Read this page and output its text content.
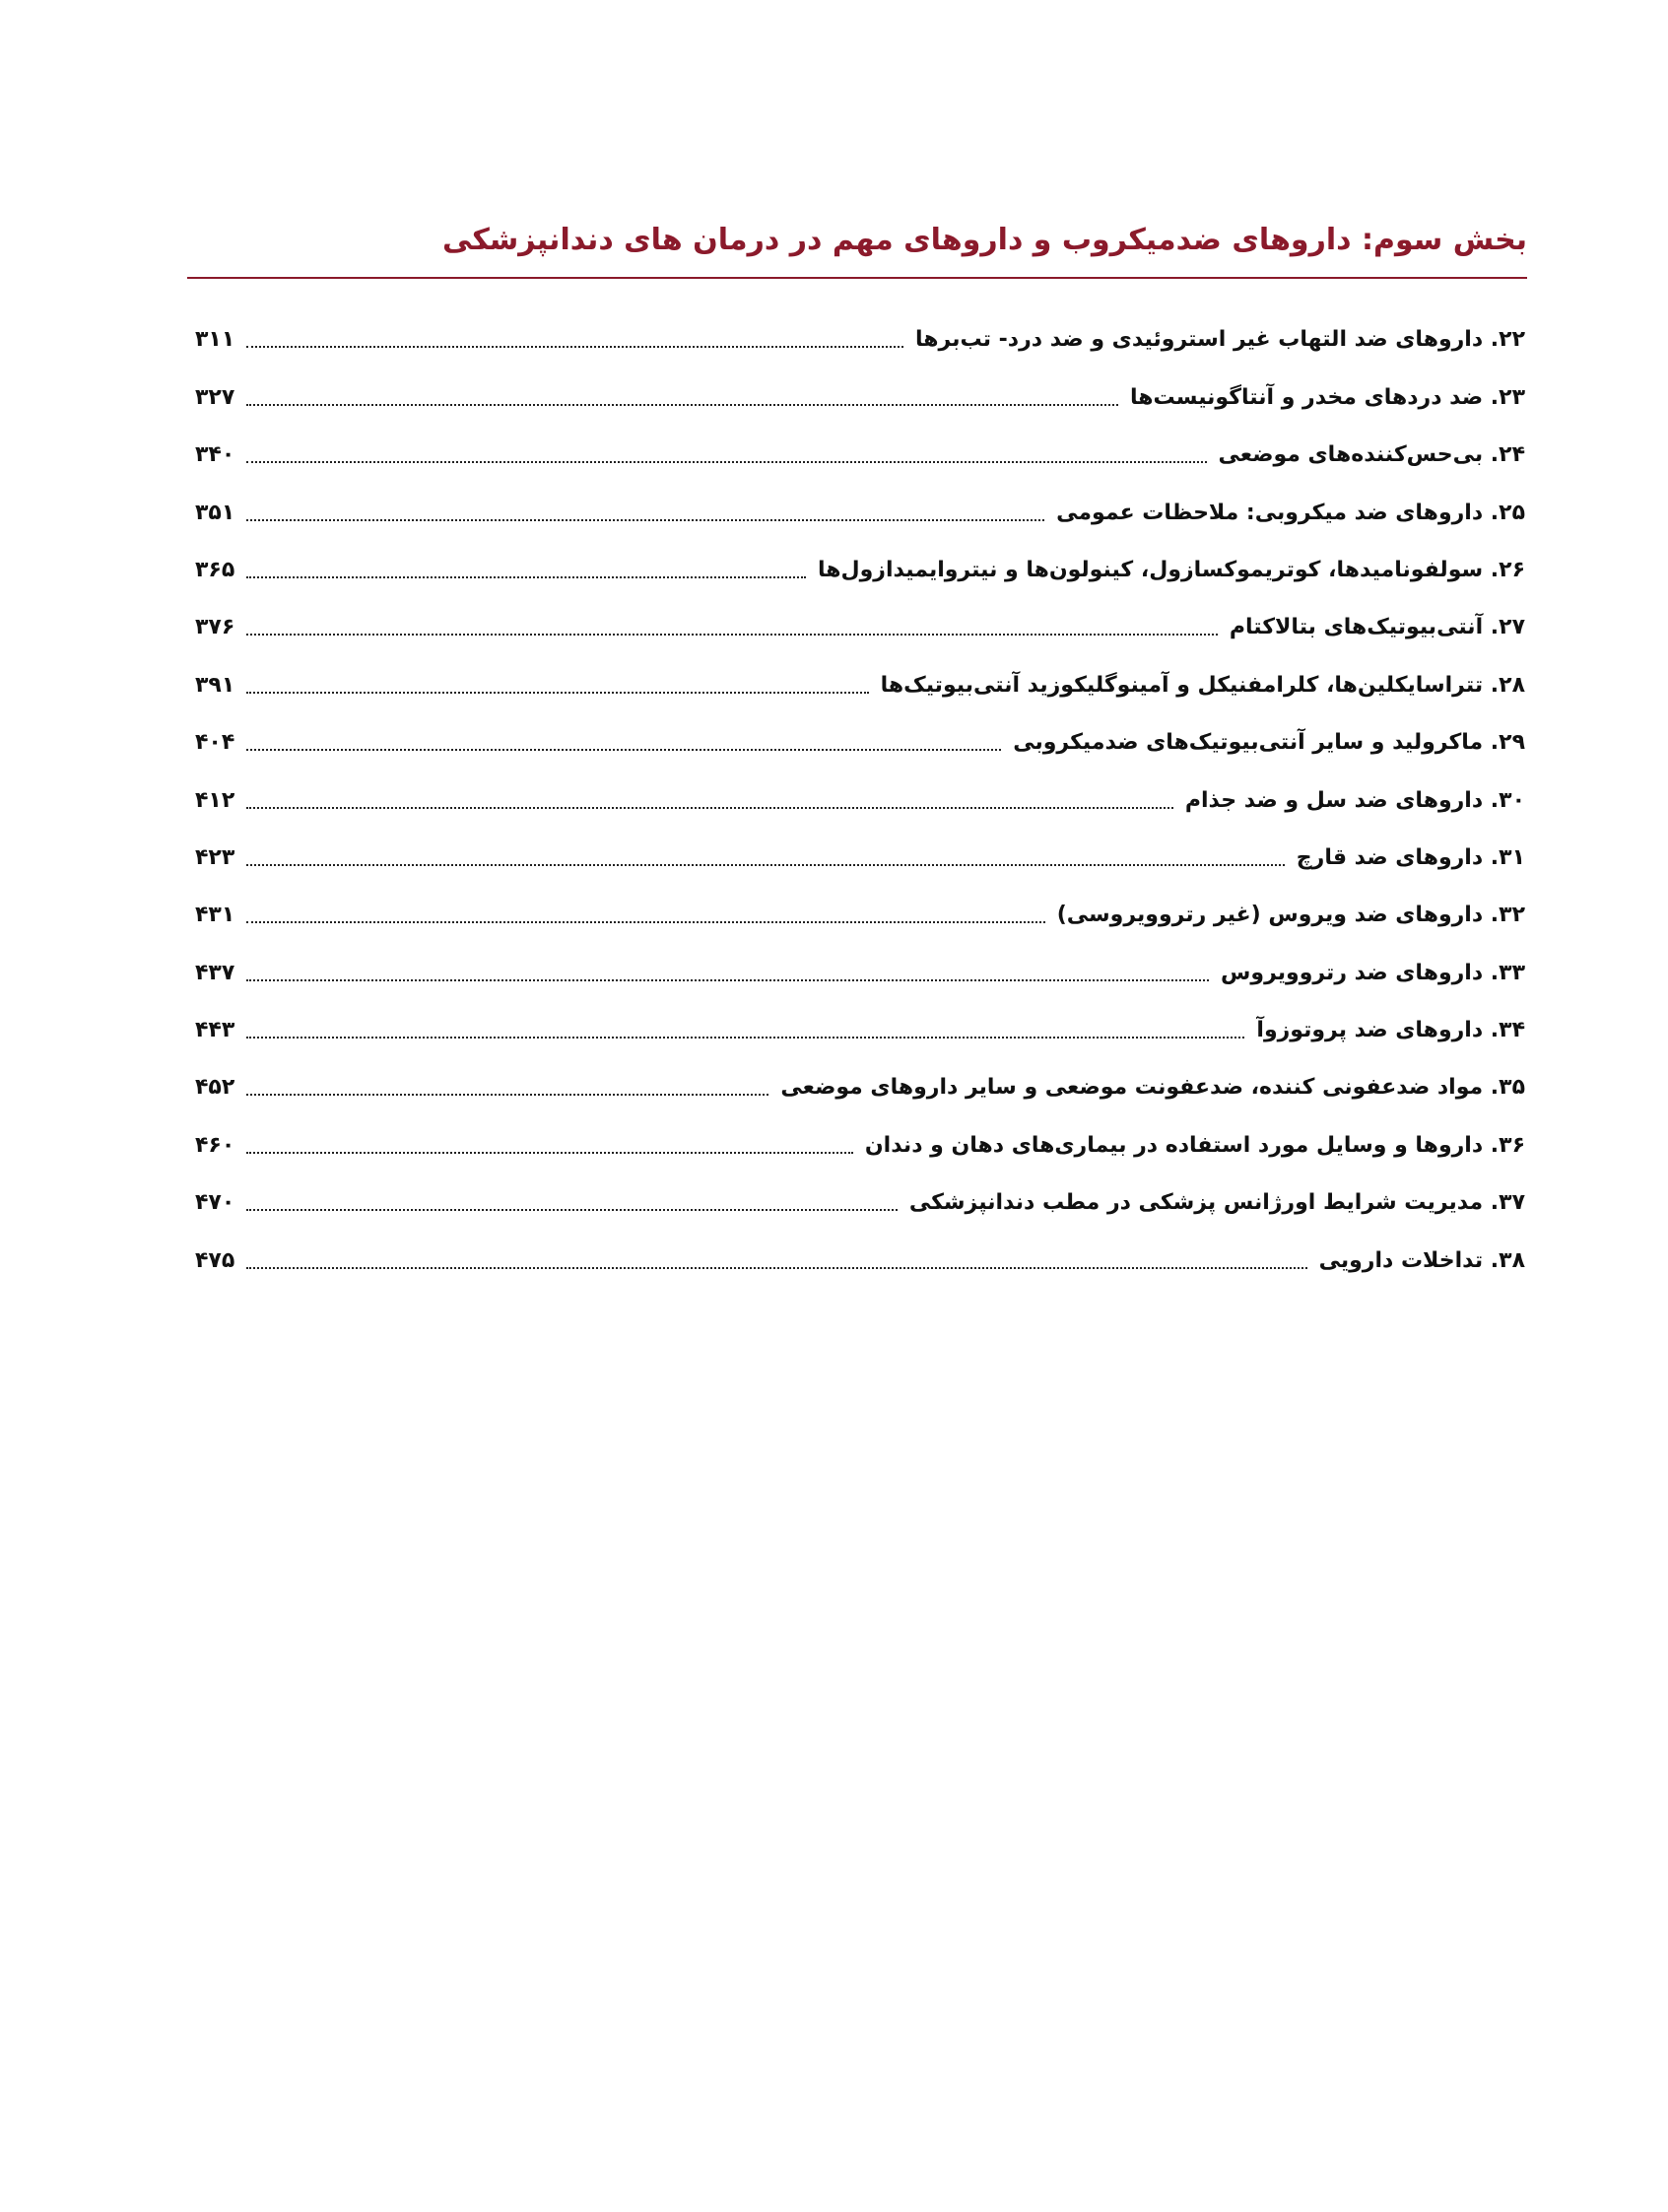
بخش سوم: داروهای ضدمیکروب و داروهای مهم در درمان های دندانپزشکی
۲۲. داروهای ضد التهاب غیر استروئیدی و ضد درد- تب‌برها
۳۱۱
۲۳. ضد دردهای مخدر و آنتاگونیست‌ها
۳۲۷
۲۴. بی‌حس‌کننده‌های موضعی
۳۴۰
۲۵. داروهای ضد میکروبی: ملاحظات عمومی
۳۵۱
۲۶. سولفونامیدها، کوتریموکسازول، کینولون‌ها و نیتروایمیدازول‌ها
۳۶۵
۲۷. آنتی‌بیوتیک‌های بتالاکتام
۳۷۶
۲۸. تتراسایکلین‌ها، کلرامفنیکل و آمینوگلیکوزید آنتی‌بیوتیک‌ها
۳۹۱
۲۹. ماکرولید و سایر آنتی‌بیوتیک‌های ضدمیکروبی
۴۰۴
۳۰. داروهای ضد سل و ضد جذام
۴۱۲
۳۱. داروهای ضد قارچ
۴۲۳
۳۲. داروهای ضد ویروس (غیر رتروویروسی)
۴۳۱
۳۳. داروهای ضد رتروویروس
۴۳۷
۳۴. داروهای ضد پروتوزوآ
۴۴۳
۳۵. مواد ضدعفونی کننده، ضدعفونت موضعی و سایر داروهای موضعی
۴۵۲
۳۶. داروها و وسایل مورد استفاده در بیماری‌های دهان و دندان
۴۶۰
۳۷. مدیریت شرایط اورژانس پزشکی در مطب دندانپزشکی
۴۷۰
۳۸. تداخلات دارویی
۴۷۵
